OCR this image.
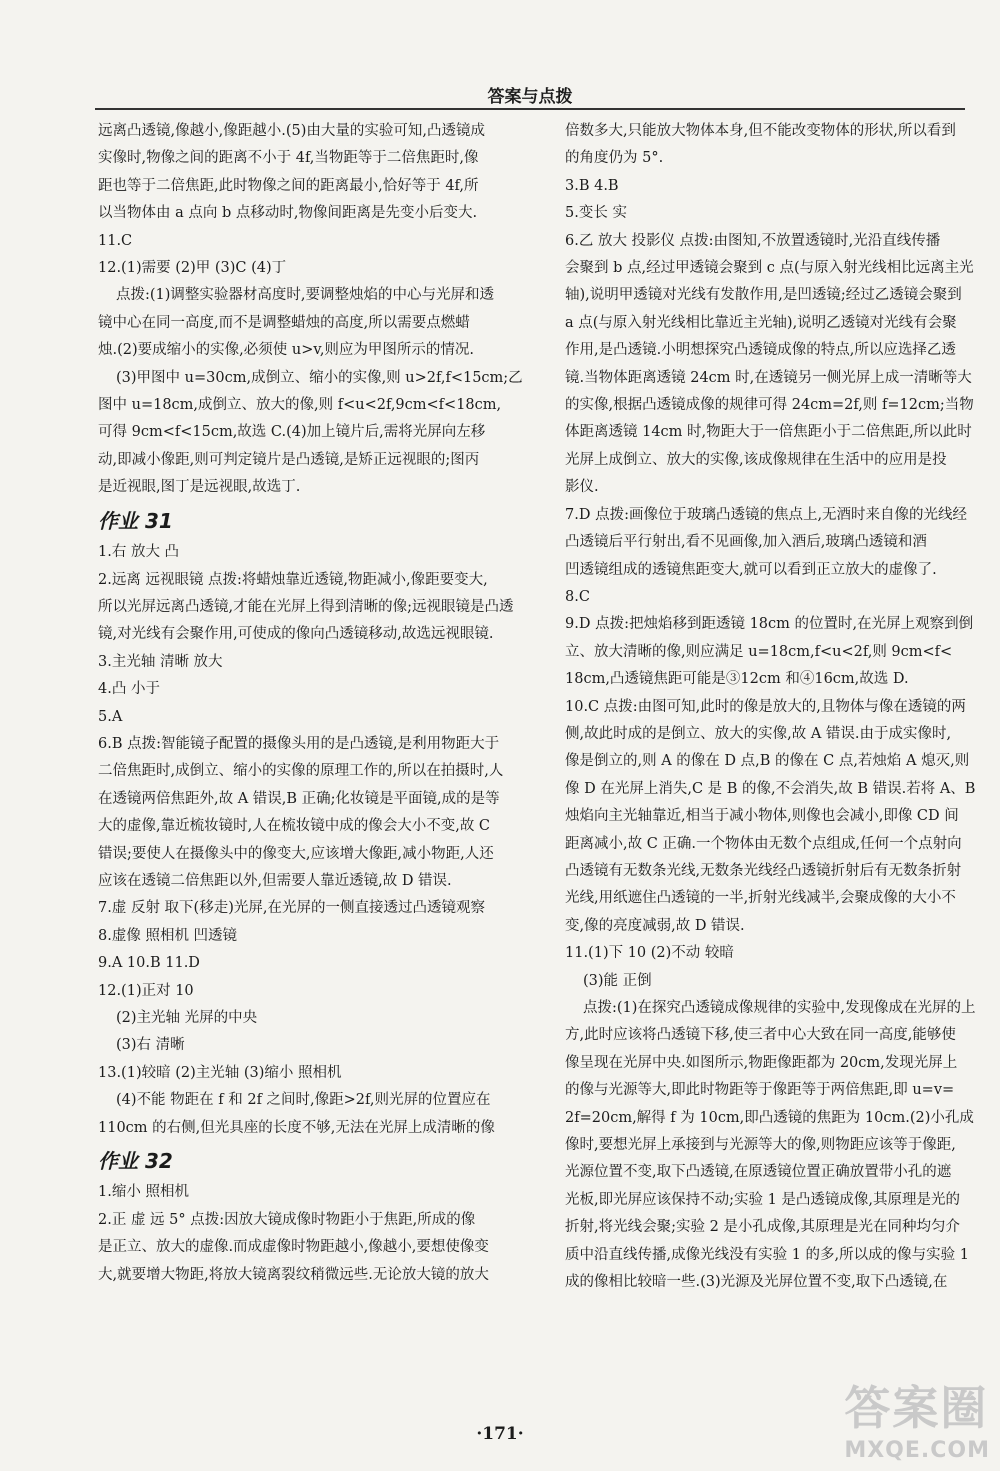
答案与点拨
远离凸透镜,像越小,像距越小.(5)由大量的实验可知,凸透镜成
实像时,物像之间的距离不小于 4f,当物距等于二倍焦距时,像
距也等于二倍焦距,此时物像之间的距离最小,恰好等于 4f,所
以当物体由 a 点向 b 点移动时,物像间距离是先变小后变大.
11.C
12.(1)需要 (2)甲 (3)C (4)丁
点拨:(1)调整实验器材高度时,要调整烛焰的中心与光屏和透
镜中心在同一高度,而不是调整蜡烛的高度,所以需要点燃蜡
烛.(2)要成缩小的实像,必须使 u>v,则应为甲图所示的情况.
(3)甲图中 u=30cm,成倒立、缩小的实像,则 u>2f,f<15cm;乙
图中 u=18cm,成倒立、放大的像,则 f<u<2f,9cm<f<18cm,
可得 9cm<f<15cm,故选 C.(4)加上镜片后,需将光屏向左移
动,即减小像距,则可判定镜片是凸透镜,是矫正远视眼的;图丙
是近视眼,图丁是远视眼,故选丁.
作业 31
1.右 放大 凸
2.远离 远视眼镜 点拨:将蜡烛靠近透镜,物距减小,像距要变大,
所以光屏远离凸透镜,才能在光屏上得到清晰的像;远视眼镜是凸透
镜,对光线有会聚作用,可使成的像向凸透镜移动,故选远视眼镜.
3.主光轴 清晰 放大
4.凸 小于
5.A
6.B 点拨:智能镜子配置的摄像头用的是凸透镜,是利用物距大于
二倍焦距时,成倒立、缩小的实像的原理工作的,所以在拍摄时,人
在透镜两倍焦距外,故 A 错误,B 正确;化妆镜是平面镜,成的是等
大的虚像,靠近梳妆镜时,人在梳妆镜中成的像会大小不变,故 C
错误;要使人在摄像头中的像变大,应该增大像距,减小物距,人还
应该在透镜二倍焦距以外,但需要人靠近透镜,故 D 错误.
7.虚 反射 取下(移走)光屏,在光屏的一侧直接透过凸透镜观察
8.虚像 照相机 凹透镜
9.A 10.B 11.D
12.(1)正对 10
(2)主光轴 光屏的中央
(3)右 清晰
13.(1)较暗 (2)主光轴 (3)缩小 照相机
(4)不能 物距在 f 和 2f 之间时,像距>2f,则光屏的位置应在
110cm 的右侧,但光具座的长度不够,无法在光屏上成清晰的像
作业 32
1.缩小 照相机
2.正 虚 远 5° 点拨:因放大镜成像时物距小于焦距,所成的像
是正立、放大的虚像.而成虚像时物距越小,像越小,要想使像变
大,就要增大物距,将放大镜离裂纹稍微远些.无论放大镜的放大
倍数多大,只能放大物体本身,但不能改变物体的形状,所以看到
的角度仍为 5°.
3.B 4.B
5.变长 实
6.乙 放大 投影仪 点拨:由图知,不放置透镜时,光沿直线传播
会聚到 b 点,经过甲透镜会聚到 c 点(与原入射光线相比远离主光
轴),说明甲透镜对光线有发散作用,是凹透镜;经过乙透镜会聚到
a 点(与原入射光线相比靠近主光轴),说明乙透镜对光线有会聚
作用,是凸透镜.小明想探究凸透镜成像的特点,所以应选择乙透
镜.当物体距离透镜 24cm 时,在透镜另一侧光屏上成一清晰等大
的实像,根据凸透镜成像的规律可得 24cm=2f,则 f=12cm;当物
体距离透镜 14cm 时,物距大于一倍焦距小于二倍焦距,所以此时
光屏上成倒立、放大的实像,该成像规律在生活中的应用是投
影仪.
7.D 点拨:画像位于玻璃凸透镜的焦点上,无酒时来自像的光线经
凸透镜后平行射出,看不见画像,加入酒后,玻璃凸透镜和酒
凹透镜组成的透镜焦距变大,就可以看到正立放大的虚像了.
8.C
9.D 点拨:把烛焰移到距透镜 18cm 的位置时,在光屏上观察到倒
立、放大清晰的像,则应满足 u=18cm,f<u<2f,则 9cm<f<
18cm,凸透镜焦距可能是③12cm 和④16cm,故选 D.
10.C 点拨:由图可知,此时的像是放大的,且物体与像在透镜的两
侧,故此时成的是倒立、放大的实像,故 A 错误.由于成实像时,
像是倒立的,则 A 的像在 D 点,B 的像在 C 点,若烛焰 A 熄灭,则
像 D 在光屏上消失,C 是 B 的像,不会消失,故 B 错误.若将 A、B
烛焰向主光轴靠近,相当于减小物体,则像也会减小,即像 CD 间
距离减小,故 C 正确.一个物体由无数个点组成,任何一个点射向
凸透镜有无数条光线,无数条光线经凸透镜折射后有无数条折射
光线,用纸遮住凸透镜的一半,折射光线减半,会聚成像的大小不
变,像的亮度减弱,故 D 错误.
11.(1)下 10 (2)不动 较暗
(3)能 正倒
点拨:(1)在探究凸透镜成像规律的实验中,发现像成在光屏的上
方,此时应该将凸透镜下移,使三者中心大致在同一高度,能够使
像呈现在光屏中央.如图所示,物距像距都为 20cm,发现光屏上
的像与光源等大,即此时物距等于像距等于两倍焦距,即 u=v=
2f=20cm,解得 f 为 10cm,即凸透镜的焦距为 10cm.(2)小孔成
像时,要想光屏上承接到与光源等大的像,则物距应该等于像距,
光源位置不变,取下凸透镜,在原透镜位置正确放置带小孔的遮
光板,即光屏应该保持不动;实验 1 是凸透镜成像,其原理是光的
折射,将光线会聚;实验 2 是小孔成像,其原理是光在同种均匀介
质中沿直线传播,成像光线没有实验 1 的多,所以成的像与实验 1
成的像相比较暗一些.(3)光源及光屏位置不变,取下凸透镜,在
·171·	答案圈
MXQE.COM
